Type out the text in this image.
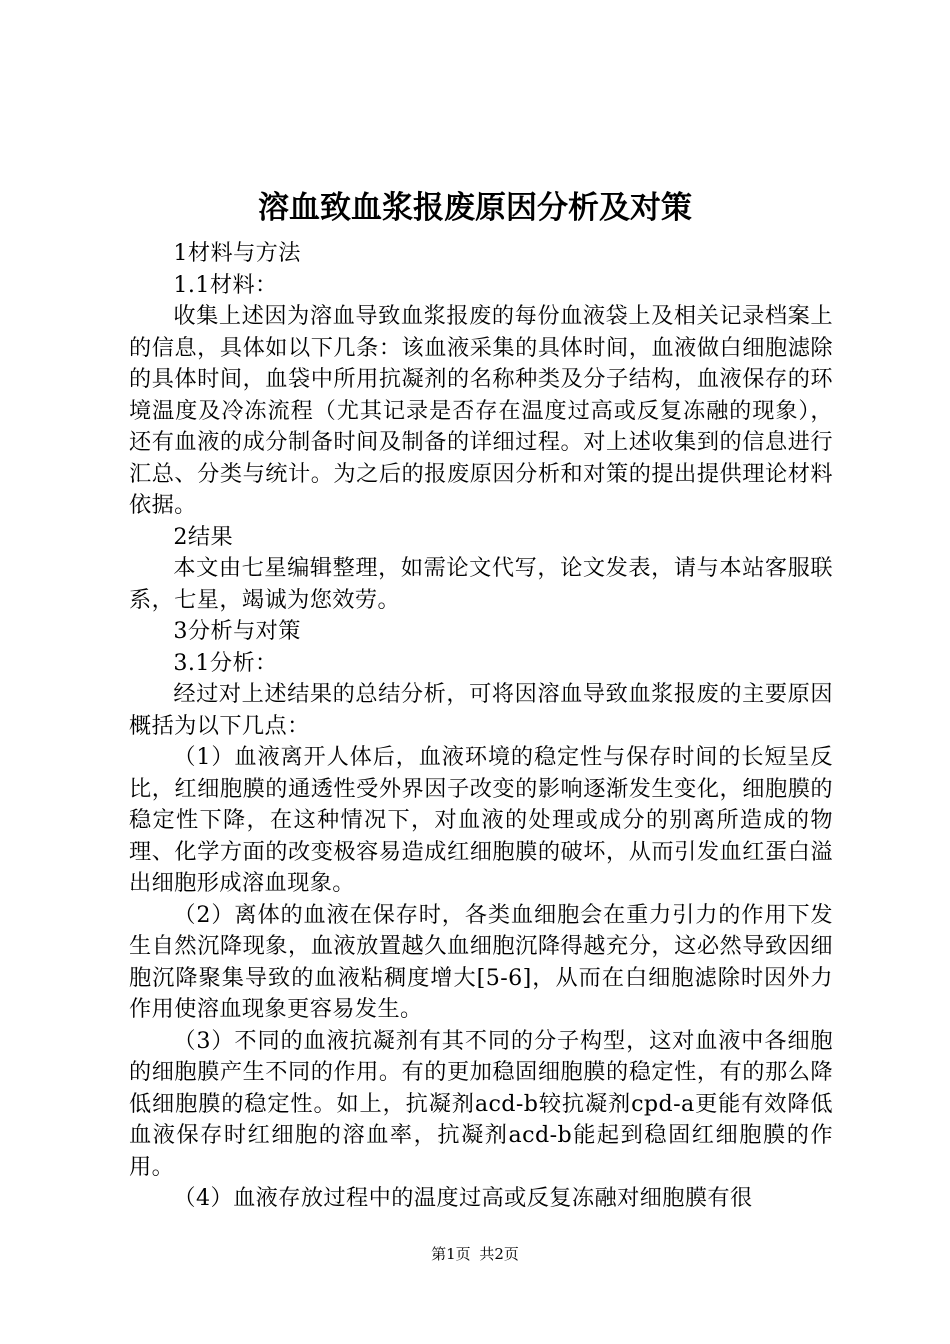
溶血致血浆报废原因分析及对策

1材料与方法

1.1材料：

收集上述因为溶血导致血浆报废的每份血液袋上及相关记录档案上的信息，具体如以下几条：该血液采集的具体时间，血液做白细胞滤除的具体时间，血袋中所用抗凝剂的名称种类及分子结构，血液保存的环境温度及冷冻流程（尤其记录是否存在温度过高或反复冻融的现象），还有血液的成分制备时间及制备的详细过程。对上述收集到的信息进行汇总、分类与统计。为之后的报废原因分析和对策的提出提供理论材料依据。

2结果

本文由七星编辑整理，如需论文代写，论文发表，请与本站客服联系，七星，竭诚为您效劳。

3分析与对策

3.1分析：

经过对上述结果的总结分析，可将因溶血导致血浆报废的主要原因概括为以下几点：

（1）血液离开人体后，血液环境的稳定性与保存时间的长短呈反比，红细胞膜的通透性受外界因子改变的影响逐渐发生变化，细胞膜的稳定性下降，在这种情况下，对血液的处理或成分的别离所造成的物理、化学方面的改变极容易造成红细胞膜的破坏，从而引发血红蛋白溢出细胞形成溶血现象。

（2）离体的血液在保存时，各类血细胞会在重力引力的作用下发生自然沉降现象，血液放置越久血细胞沉降得越充分，这必然导致因细胞沉降聚集导致的血液粘稠度增大[5-6]，从而在白细胞滤除时因外力作用使溶血现象更容易发生。

（3）不同的血液抗凝剂有其不同的分子构型，这对血液中各细胞的细胞膜产生不同的作用。有的更加稳固细胞膜的稳定性，有的那么降低细胞膜的稳定性。如上，抗凝剂acd-b较抗凝剂cpd-a更能有效降低血液保存时红细胞的溶血率，抗凝剂acd-b能起到稳固红细胞膜的作用。

（4）血液存放过程中的温度过高或反复冻融对细胞膜有很

第1页 共2页
